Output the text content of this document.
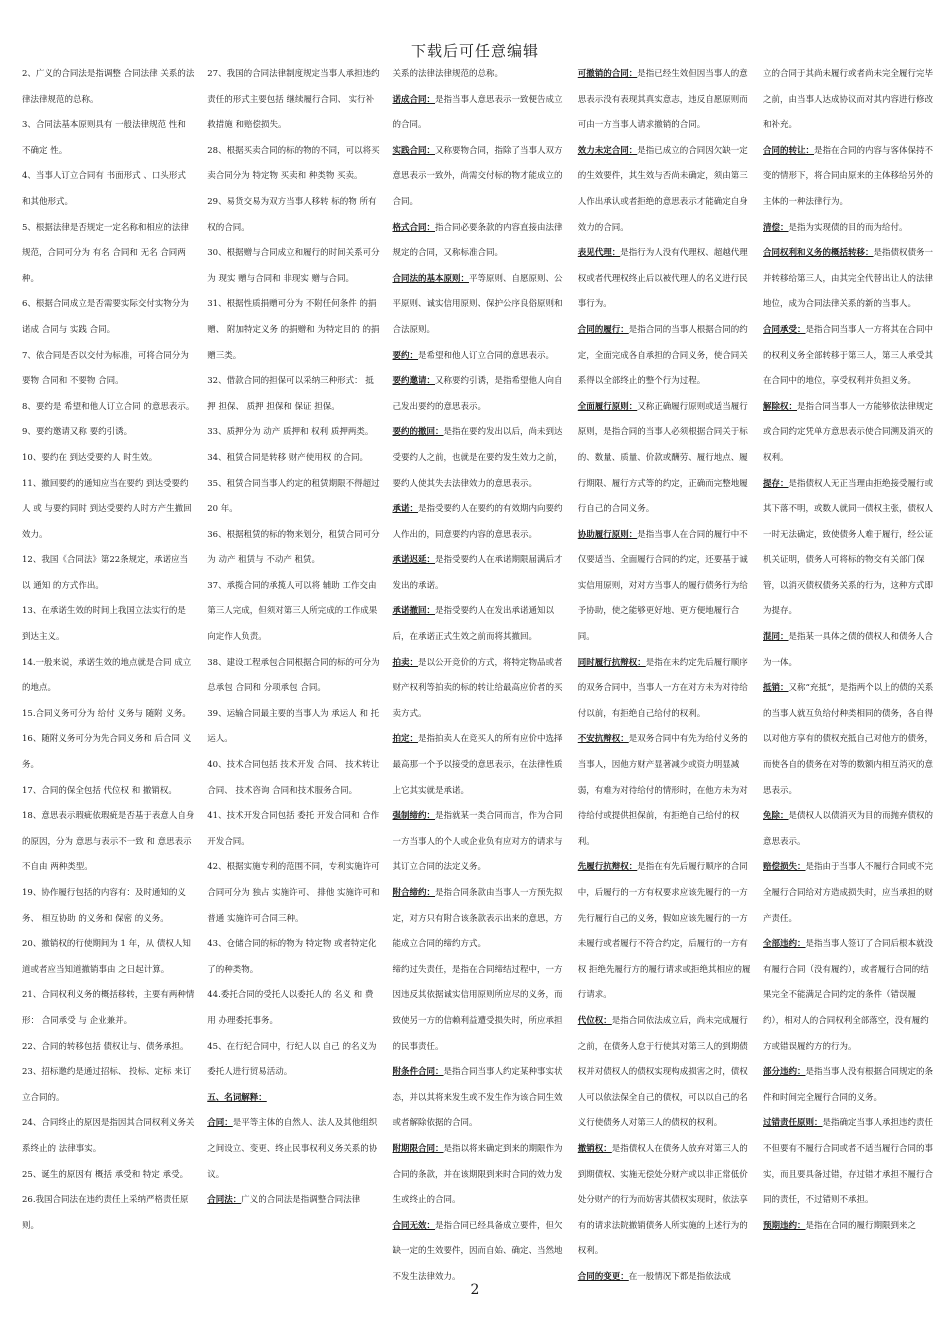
下载后可任意编辑

2、广义的合同法是指调整 合同法律 关系的法律法律规范的总称。

3、合同法基本原则具有 一般法律规范 性和 不确定 性。

4、当事人订立合同有 书面形式 、口头形式 和其他形式。

5、根据法律是否规定一定名称和相应的法律规范，合同可分为 有名 合同和 无名 合同两种。

6、根据合同成立是否需要实际交付实物分为 诺成 合同与 实践 合同。

7、依合同是否以交付为标准，可将合同分为 要物 合同和 不要物 合同。

8、要约是 希望和他人订立合同 的意思表示。

9、要约邀请又称 要约引诱。

10、要约在 到达受要约人 时生效。

11、撤回要约的通知应当在要约 到达受要约人 或 与要约同时 到达受要约人时方产生撤回效力。

12、我国《合同法》第22条规定，承诺应当以 通知 的方式作出。

13、在承诺生效的时间上我国立法实行的是 到达主义。

14.一般来说，承诺生效的地点就是合同 成立 的地点。

15.合同义务可分为 给付 义务与 随附 义务。

16、随附义务可分为先合同义务和 后合同 义务。

17、合同的保全包括 代位权 和 撤销权。

18、意思表示瑕疵依瑕疵是否基于表意人自身的原因，分为 意思与表示不一致 和 意思表示不自由 两种类型。

19、协作履行包括的内容有：及时通知的义务、 相互协助 的义务和 保密 的义务。

20、撤销权的行使期间为 1 年，从 债权人知道或者应当知道撤销事由 之日起计算。

21、合同权利义务的概括移转，主要有两种情形： 合同承受 与 企业兼并。

22、合同的转移包括 债权让与、债务承担。

23、招标邀约是通过招标、 投标、定标 来订立合同的。

24、合同终止的原因是指因其合同权利义务关系终止的 法律事实。

25、诞生的原因有 概括 承受和 特定 承受。

26.我国合同法在违约责任上采纳严格责任原则。

27、我国的合同法律制度规定当事人承担违约责任的形式主要包括 继续履行合同、 实行补救措施 和赔偿损失。

28、根据买卖合同的标的物的不同，可以将买卖合同分为 特定物 买卖和 种类物 买卖。

29、易货交易为双方当事人移转 标的物 所有权的合同。

30、根据赠与合同成立和履行的时间关系可分为 现实 赠与合同和 非现实 赠与合同。

31、根据性质捐赠可分为 不附任何条件 的捐赠、 附加特定义务 的捐赠和 为特定目的 的捐赠三类。

32、借款合同的担保可以采纳三种形式： 抵押 担保、 质押 担保和 保证 担保。

33、质押分为 动产 质押和 权利 质押两类。

34、租赁合同是转移 财产使用权 的合同。

35、租赁合同当事人约定的租赁期限不得超过 20 年。

36、根据租赁的标的物来划分，租赁合同可分为 动产 租赁与 不动产 租赁。

37、承揽合同的承揽人可以将 辅助 工作交由第三人完成，但须对第三人所完成的工作成果向定作人负责。

38、建设工程承包合同根据合同的标的可分为 总承包 合同和 分项承包 合同。

39、运输合同最主要的当事人为 承运人 和 托运人。

40、技术合同包括 技术开发 合同、 技术转让 合同、 技术咨询 合同和技术服务合同。

41、技术开发合同包括 委托 开发合同和 合作 开发合同。

42、根据实施专利的范围不同，专利实施许可合同可分为 独占 实施许可、 排他 实施许可和 普通 实施许可合同三种。

43、仓储合同的标的物为 特定物 或者特定化了的种类物。

44.委托合同的受托人以委托人的 名义 和 费用 办理委托事务。

45、在行纪合同中，行纪人以 自己 的名义为委托人进行贸易活动。

五、名词解释：

合同：是平等主体的自然人、法人及其他组织之间设立、变更、终止民事权利义务关系的协议。

合同法：广义的合同法是指调整合同法律

关系的法律法律规范的总称。

诺成合同：是指当事人意思表示一致便告成立的合同。

实践合同：又称要物合同，指除了当事人双方意思表示一致外，尚需交付标的物才能成立的合同。

格式合同：指合同必要条款的内容直接由法律规定的合同，又称标准合同。

合同法的基本原则：平等原则、自愿原则、公平原则、诚实信用原则、保护公序良俗原则和合法原则。

要约：是希望和他人订立合同的意思表示。

要约邀请：又称要约引诱，是指希望他人向自己发出要约的意思表示。

要约的撤回：是指在要约发出以后，尚未到达受要约人之前，也就是在要约发生效力之前，要约人使其失去法律效力的意思表示。

承诺：是指受要约人在要约的有效期内向要约人作出的，同意要约内容的意思表示。

承诺迟延：是指受要约人在承诺期限届满后才发出的承诺。

承诺撤回：是指受要约人在发出承诺通知以后，在承诺正式生效之前而将其撤回。

拍卖：是以公开竞价的方式，将特定物品或者财产权利等拍卖的标的转让给最高应价者的买卖方式。

拍定：是指拍卖人在竞买人的所有应价中选择最高那一个予以接受的意思表示，在法律性质上它其实就是承诺。

强制缔约：是指就某一类合同而言，作为合同一方当事人的个人或企业负有应对方的请求与其订立合同的法定义务。

附合缔约：是指合同条款由当事人一方预先拟定，对方只有附合该条款表示出来的意思，方能成立合同的缔约方式。

缔约过失责任，是指在合同缔结过程中，一方因违反其依据诚实信用原则所应尽的义务，而致使另一方的信赖利益遭受损失时，所应承担的民事责任。

附条件合同：是指合同当事人约定某种事实状态，并以其将来发生或不发生作为该合同生效或者解除依据的合同。

附期限合同：是指以将来确定到来的期限作为合同的条款，并在该期限到来时合同的效力发生或终止的合同。

合同无效：是指合同已经具备成立要件，但欠缺一定的生效要件，因而自始、确定、当然地不发生法律效力。

可撤销的合同：是指已经生效但因当事人的意思表示没有表现其真实意志，违反自愿原则而可由一方当事人请求撤销的合同。

效力未定合同：是指已成立的合同因欠缺一定的生效要件，其生效与否尚未确定，须由第三人作出承认或者拒绝的意思表示才能确定自身效力的合同。

表见代理：是指行为人没有代理权、超越代理权或者代理权终止后以被代理人的名义进行民事行为。

合同的履行：是指合同的当事人根据合同的约定，全面完成各自承担的合同义务，使合同关系得以全部终止的整个行为过程。

全面履行原则：又称正确履行原则或适当履行原则，是指合同的当事人必须根据合同关于标的、数量、质量、价款或酬劳、履行地点、履行期限、履行方式等的约定，正确而完整地履行自己的合同义务。

协助履行原则：是指当事人在合同的履行中不仅要适当、全面履行合同的约定，还要基于诚实信用原则，对对方当事人的履行债务行为给予协助，使之能够更好地、更方便地履行合同。

同时履行抗辩权：是指在未约定先后履行顺序的双务合同中，当事人一方在对方未为对待给付以前，有拒绝自己给付的权利。

不安抗辩权：是双务合同中有先为给付义务的当事人，因他方财产显著减少或资力明显减弱，有难为对待给付的情形时，在他方未为对待给付或提供担保前，有拒绝自己给付的权利。

先履行抗辩权：是指在有先后履行顺序的合同中，后履行的一方有权要求应该先履行的一方先行履行自己的义务，假如应该先履行的一方未履行或者履行不符合约定，后履行的一方有权 拒绝先履行方的履行请求或拒绝其相应的履行请求。

代位权：是指合同依法成立后，尚未完成履行之前，在债务人怠于行使其对第三人的到期债权并对债权人的债权实现构成损害之时，债权人可以依法保全自己的债权，可以以自己的名义行使债务人对第三人的债权的权利。

撤销权：是指债权人在债务人放弃对第三人的到期债权、实施无偿处分财产或以非正常低价处分财产的行为而妨害其债权实现时，依法享有的请求法院撤销债务人所实施的上述行为的权利。

合同的变更：在一般情况下都是指依法成

立的合同于其尚未履行或者尚未完全履行完毕之前，由当事人达成协议而对其内容进行修改和补充。

合同的转让：是指在合同的内容与客体保持不变的情形下，将合同由原来的主体移给另外的主体的一种法律行为。

清偿：是指为实现债的目的而为给付。

合同权利和义务的概括转移：是指债权债务一并转移给第三人，由其完全代替出让人的法律地位，成为合同法律关系的新的当事人。

合同承受：是指合同当事人一方将其在合同中的权利义务全部转移于第三人，第三人承受其在合同中的地位，享受权利并负担义务。

解除权：是指合同当事人一方能够依法律规定或合同约定凭单方意思表示使合同溯及消灭的权利。

提存：是指债权人无正当理由拒绝接受履行或其下落不明，或数人就同一债权主张，债权人一时无法确定，致使债务人难于履行，经公证机关证明，债务人可将标的物交有关部门保管，以消灭债权债务关系的行为，这种方式即为提存。

混同：是指某一具体之债的债权人和债务人合为一体。

抵销：又称“充抵”，是指两个以上的债的关系的当事人就互负给付种类相同的债务，各自得以对他方享有的债权充抵自己对他方的债务，而使各自的债务在对等的数额内相互消灭的意思表示。

免除：是债权人以债消灭为目的而抛弃债权的意思表示。

赔偿损失：是指由于当事人不履行合同或不完全履行合同给对方造成损失时，应当承担的财产责任。

全部违约：是指当事人签订了合同后根本就没有履行合同（没有履约），或者履行合同的结果完全不能满足合同约定的条件（错误履约），相对人的合同权利全部落空，没有履约方或错误履约方的行为。

部分违约：是指当事人没有根据合同规定的条件和时间完全履行合同的义务。

过错责任原则：是指确定当事人承担违约责任不但要有不履行合同或者不适当履行合同的事实，而且要具备过错，存过错才承担不履行合同的责任，不过错则不承担。

预期违约：是指在合同的履行期限到来之

2
